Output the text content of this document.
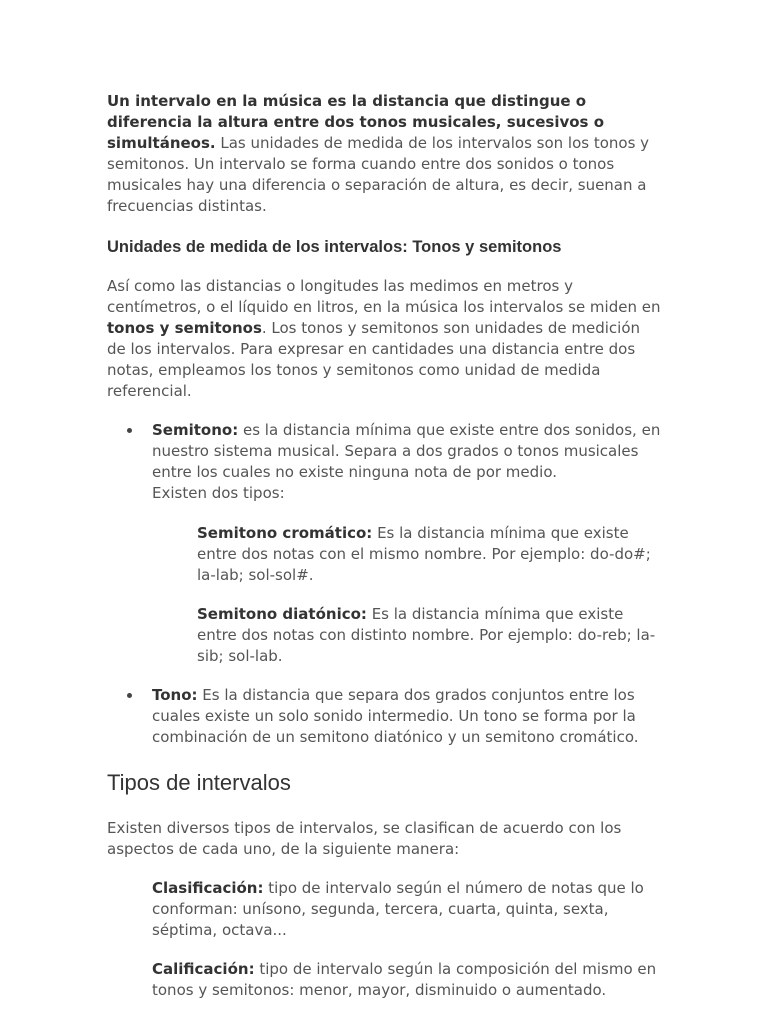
Un intervalo en la música es la distancia que distingue o diferencia la altura entre dos tonos musicales, sucesivos o simultáneos. Las unidades de medida de los intervalos son los tonos y semitonos. Un intervalo se forma cuando entre dos sonidos o tonos musicales hay una diferencia o separación de altura, es decir, suenan a frecuencias distintas.

Unidades de medida de los intervalos: Tonos y semitonos

Así como las distancias o longitudes las medimos en metros y centímetros, o el líquido en litros, en la música los intervalos se miden en tonos y semitonos. Los tonos y semitonos son unidades de medición de los intervalos. Para expresar en cantidades una distancia entre dos notas, empleamos los tonos y semitonos como unidad de medida referencial.

Semitono: es la distancia mínima que existe entre dos sonidos, en nuestro sistema musical. Separa a dos grados o tonos musicales entre los cuales no existe ninguna nota de por medio.
Existen dos tipos:
Semitono cromático: Es la distancia mínima que existe entre dos notas con el mismo nombre. Por ejemplo: do-do#; la-lab; sol-sol#.
Semitono diatónico: Es la distancia mínima que existe entre dos notas con distinto nombre. Por ejemplo: do-reb; la-sib; sol-lab.
Tono: Es la distancia que separa dos grados conjuntos entre los cuales existe un solo sonido intermedio. Un tono se forma por la combinación de un semitono diatónico y un semitono cromático.
Tipos de intervalos

Existen diversos tipos de intervalos, se clasifican de acuerdo con los aspectos de cada uno, de la siguiente manera:

Clasificación: tipo de intervalo según el número de notas que lo conforman: unísono, segunda, tercera, cuarta, quinta, sexta, séptima, octava...
Calificación: tipo de intervalo según la composición del mismo en tonos y semitonos: menor, mayor, disminuido o aumentado.
